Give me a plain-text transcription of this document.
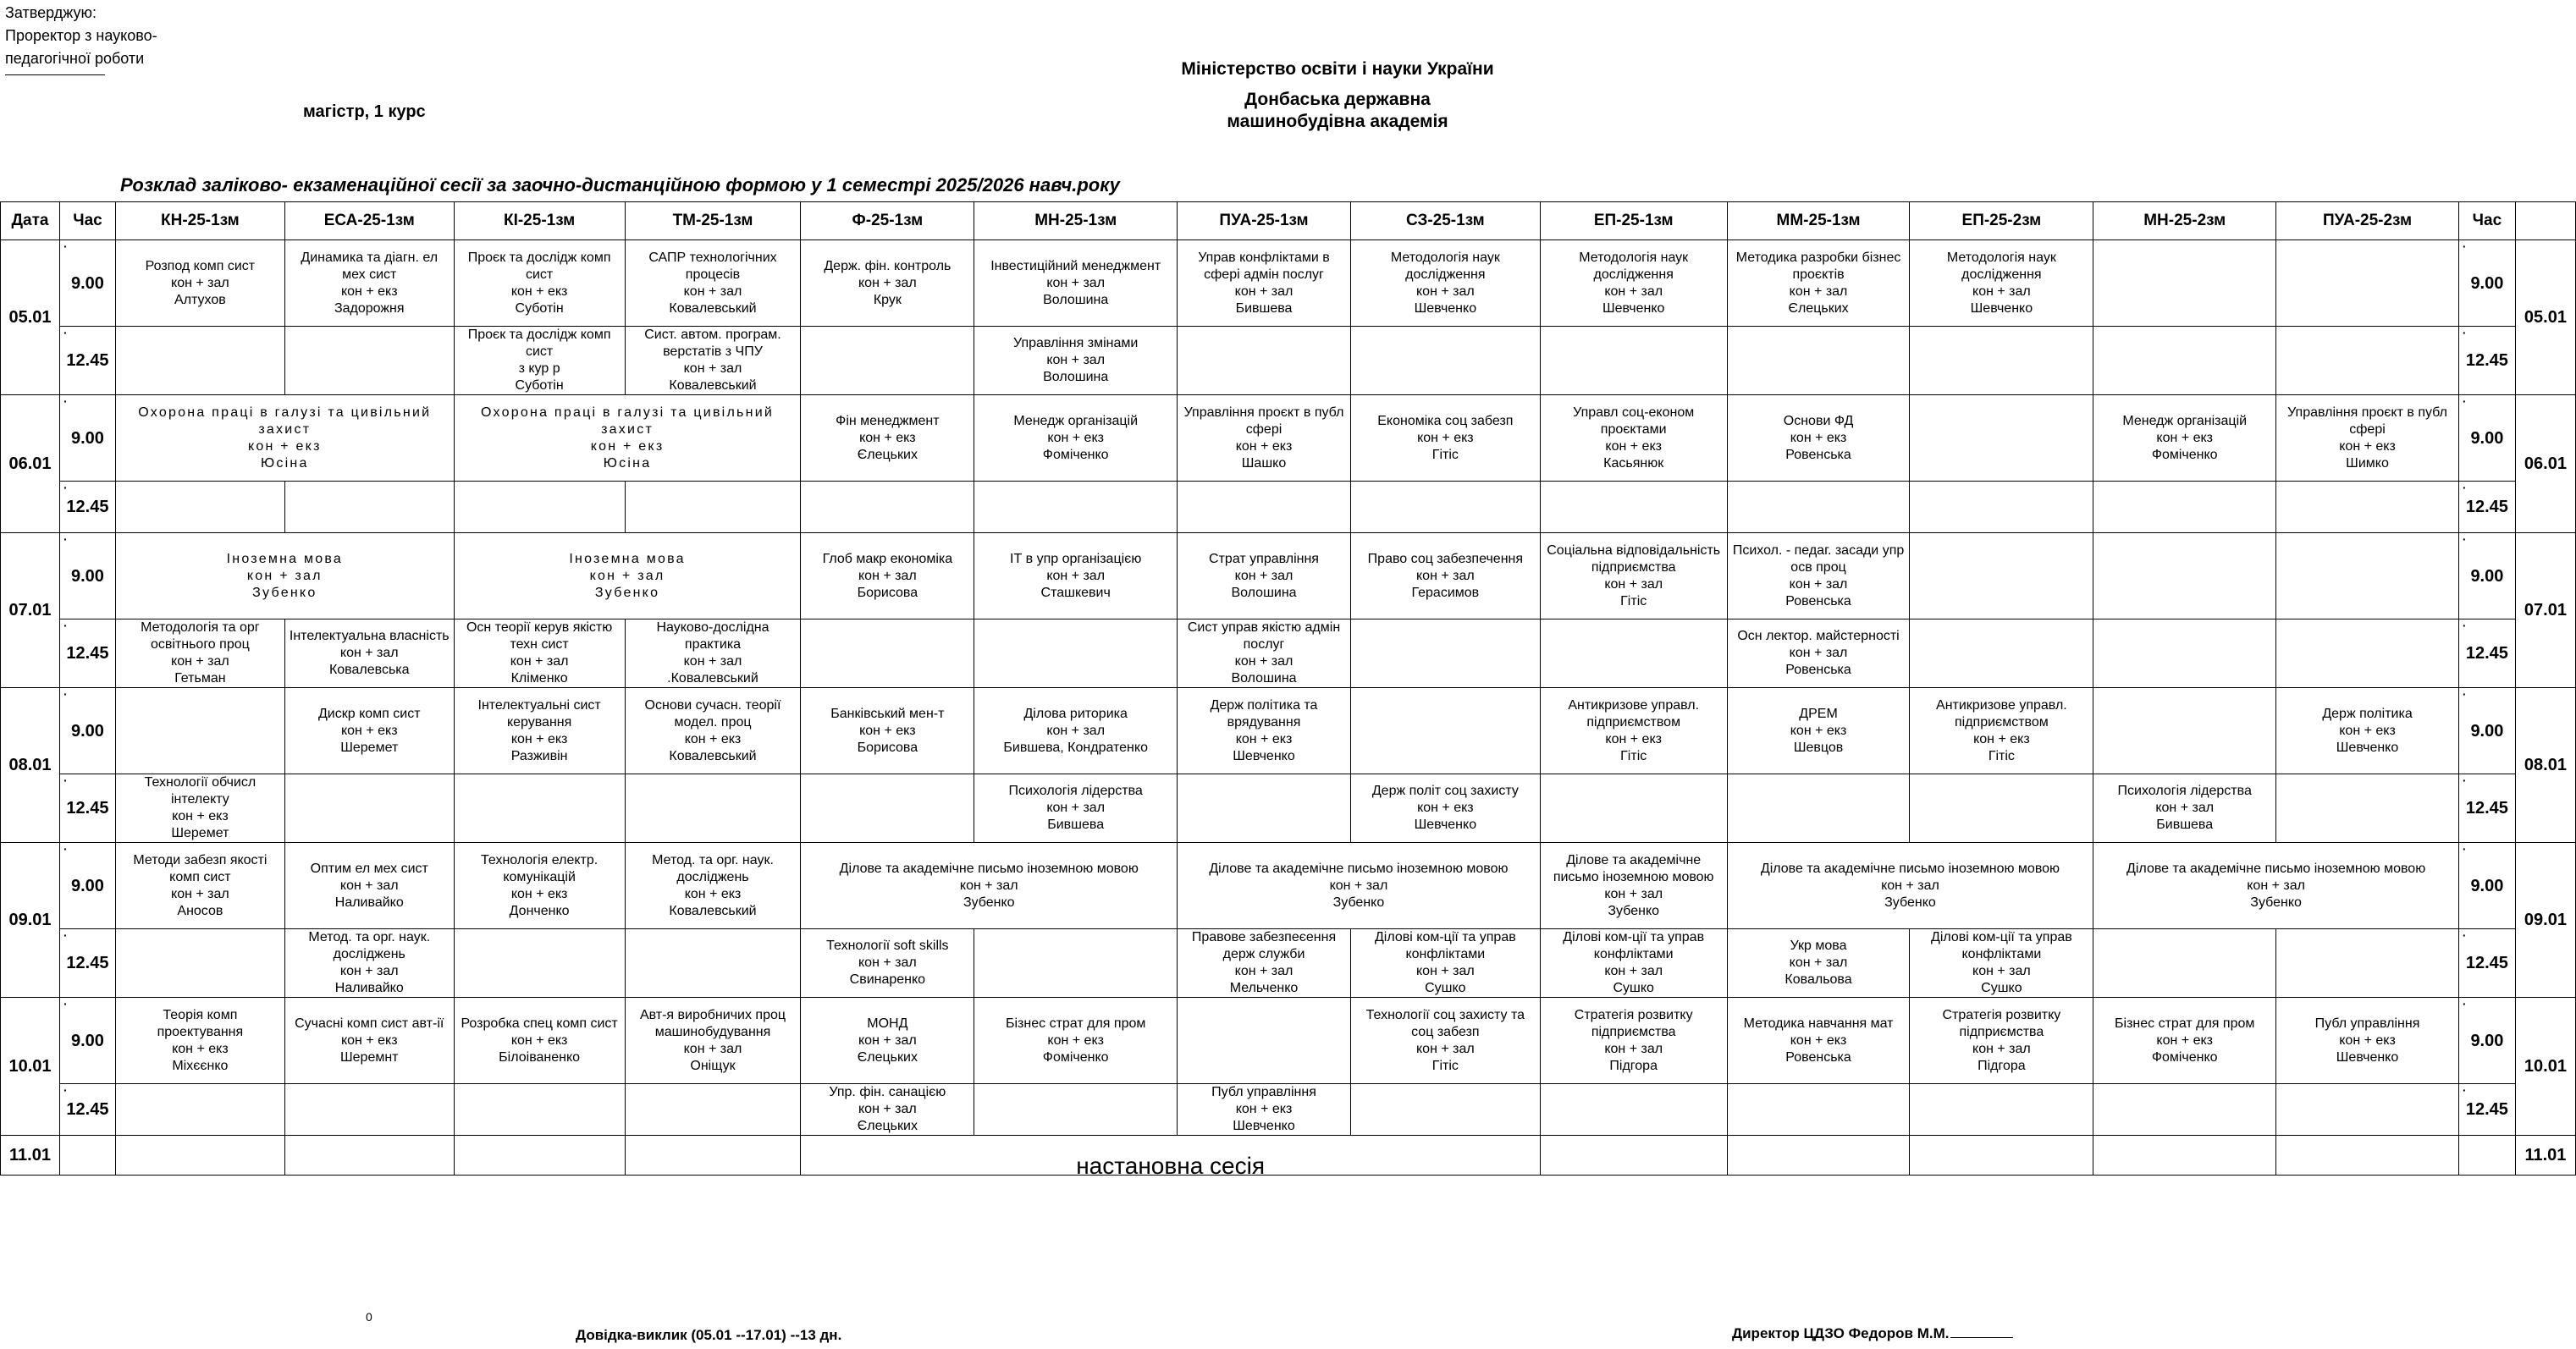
Затверджую:
Проректор з науково-
педагогічної роботи
Міністерство освіти і науки України
Донбаська державна
машинобудівна академія
магістр, 1 курс
Розклад заліково- екзаменаційної сесії за заочно-дистанційною формою у 1 семестрі 2025/2026 навч.року
Дата	Час	КН-25-1зм	ЕСА-25-1зм	КІ-25-1зм	ТМ-25-1зм	Ф-25-1зм	МН-25-1зм	ПУА-25-1зм	СЗ-25-1зм	ЕП-25-1зм	ММ-25-1зм	ЕП-25-2зм	МН-25-2зм	ПУА-25-2зм	Час	
05.01	· 9.00	Розпод комп сист
кон + зал
Алтухов	Динамика та діагн. ел мех сист
кон + екз
Задорожня	Проєк та дослідж комп сист
кон + екз
Суботін	САПР технологічних процесів
кон + зал
Ковалевський	Держ. фін. контроль
кон + зал
Крук	Інвестиційний менеджмент
кон + зал
Волошина	Управ конфліктами в сфері адмін послуг
кон + зал
Бившева	Методологія наук дослідження
кон + зал
Шевченко	Методологія наук дослідження
кон + зал
Шевченко	Методика разробки бізнес проєктів
кон + зал
Єлецьких	Методологія наук дослідження
кон + зал
Шевченко			· 9.00	05.01
	· 12.45			Проєк та дослідж комп сист
з кур р
Суботін	Сист. автом. програм. верстатів з ЧПУ
кон + зал
Ковалевський		Управління змінами
кон + зал
Волошина								· 12.45
06.01	· 9.00	Охорона праці в галузі та цивільний захист
кон + екз
Юсіна		Охорона праці в галузі та цивільний захист
кон + екз
Юсіна		Фін менеджмент
кон + екз
Єлецьких	Менедж організацій
кон + екз
Фоміченко	Управління проєкт в публ сфері
кон + екз
Шашко	Економіка соц забезп
кон + екз
Гітіс	Управл соц-економ проєктами
кон + екз
Касьянюк	Основи ФД
кон + екз
Ровенська		Менедж організацій
кон + екз
Фоміченко	Управління проєкт в публ сфері
кон + екз
Шимко	· 9.00	06.01
	· 12.45														· 12.45
07.01	· 9.00	Іноземна мова
кон + зал
Зубенко		Іноземна мова
кон + зал
Зубенко		Глоб макр економіка
кон + зал
Борисова	ІТ в упр організацією
кон + зал
Сташкевич	Страт управління
кон + зал
Волошина	Право соц забезпечення
кон + зал
Герасимов	Соціальна відповідальність підприємства
кон + зал
Гітіс	Психол. - педаг. засади упр осв проц
кон + зал
Ровенська				· 9.00	07.01
	· 12.45	Методологія та орг освітнього проц
кон + зал
Гетьман	Інтелектуальна власність
кон + зал
Ковалевська	Осн теорії керув якістю техн сист
кон + зал
Кліменко	Науково-дослідна практика
кон + зал
.Ковалевський			Сист управ якістю адмін послуг
кон + зал
Волошина			Осн лектор. майстерності
кон + зал
Ровенська				· 12.45
08.01	· 9.00		Дискр комп сист
кон + екз
Шеремет	Інтелектуальні сист керування
кон + екз
Разживін	Основи сучасн. теорії модел. проц
кон + екз
Ковалевський	Банківський мен-т
кон + екз
Борисова	Ділова риторика
кон + зал
Бившева, Кондратенко	Держ політика та врядування
кон + екз
Шевченко		Антикризове управл. підприємством
кон + екз
Гітіс	ДРЕМ
кон + екз
Шевцов	Антикризове управл. підприємством
кон + екз
Гітіс		Держ політика
кон + екз
Шевченко	· 9.00	08.01
	· 12.45	Технології обчисл інтелекту
кон + екз
Шеремет					Психологія лідерства
кон + зал
Бившева		Держ політ соц захисту
кон + екз
Шевченко				Психологія лідерства
кон + зал
Бившева		· 12.45
09.01	· 9.00	Методи забезп якості комп сист
кон + зал
Аносов	Оптим ел мех сист
кон + зал
Наливайко	Технологія електр. комунікацій
кон + екз
Донченко	Метод. та орг. наук. досліджень
кон + екз
Ковалевський	Ділове та академічне письмо іноземною мовою
кон + зал
Зубенко		Ділове та академічне письмо іноземною мовою
кон + зал
Зубенко		Ділове та академічне письмо іноземною мовою
кон + зал
Зубенко	Ділове та академічне письмо іноземною мовою
кон + зал
Зубенко		Ділове та академічне письмо іноземною мовою
кон + зал
Зубенко		· 9.00	09.01
	· 12.45		Метод. та орг. наук. досліджень
кон + зал
Наливайко			Технології soft skills
кон + зал
Свинаренко		Правове забезпеєення держ служби
кон + зал
Мельченко	Ділові ком-ції та управ конфліктами
кон + зал
Сушко	Ділові ком-ції та управ конфліктами
кон + зал
Сушко	Укр мова
кон + зал
Ковальова	Ділові ком-ції та управ конфліктами
кон + зал
Сушко			· 12.45
10.01	· 9.00	Теорія комп проектування
кон + екз
Міхєєнко	Сучасні комп сист авт-ії
кон + екз
Шеремнт	Розробка спец комп сист
кон + екз
Білоіваненко	Авт-я виробничих проц машинобудування
кон + зал
Оніщук	МОНД
кон + зал
Єлецьких	Бізнес страт для пром
кон + екз
Фоміченко		Технології соц захисту та соц забезп
кон + зал
Гітіс	Стратегія розвитку підприємства
кон + зал
Підгора	Методика навчання мат
кон + екз
Ровенська	Стратегія розвитку підприємства
кон + зал
Підгора	Бізнес страт для пром
кон + екз
Фоміченко	Публ управління
кон + екз
Шевченко	· 9.00	10.01
	· 12.45					Упр. фін. санацією
кон + зал
Єлецьких		Публ управління
кон + екз
Шевченко							· 12.45
11.01						настановна сесія										11.01
0
Довідка-виклик (05.01 --17.01) --13 дн.	Директор ЦДЗО Федоров М.М.
